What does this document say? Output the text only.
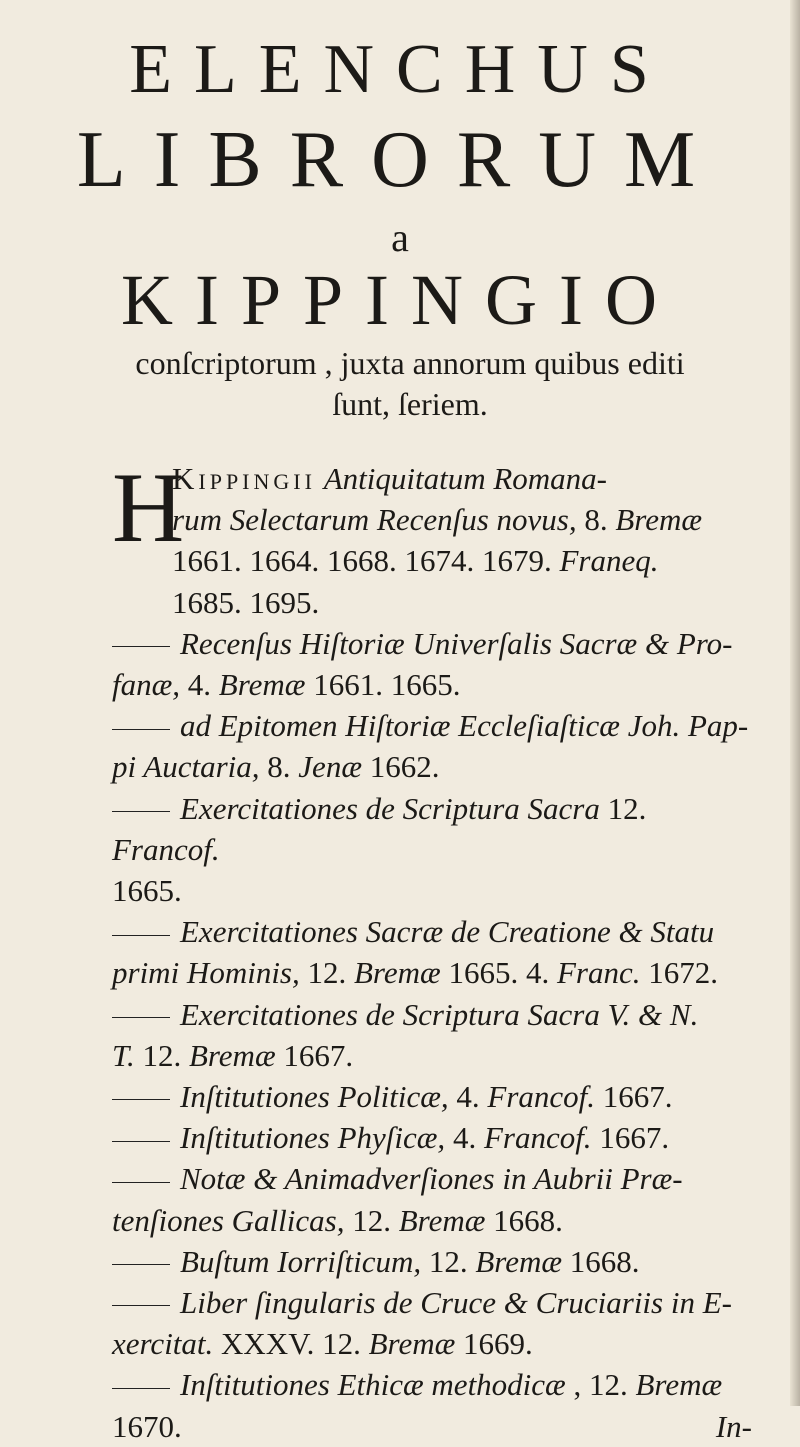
ELENCHUS
LIBRORUM
a
KIPPINGIO
conſcriptorum , juxta annorum quibus editi
ſunt, ſeriem.
H
Kippingii Antiquitatum Romana-
rum Selectarum Recenſus novus, 8. Bremæ
1661. 1664. 1668. 1674. 1679. Franeq.
1685. 1695.
Recenſus Hiſtoriæ Univerſalis Sacræ & Pro-
fanæ, 4. Bremæ 1661. 1665.
ad Epitomen Hiſtoriæ Eccleſiaſticæ Joh. Pap-
pi Auctaria, 8. Jenæ 1662.
Exercitationes de Scriptura Sacra 12. Francof.
1665.
Exercitationes Sacræ de Creatione & Statu
primi Hominis, 12. Bremæ 1665. 4. Franc. 1672.
Exercitationes de Scriptura Sacra V. & N.
T. 12. Bremæ 1667.
Inſtitutiones Politicæ, 4. Francof. 1667.
Inſtitutiones Phyſicæ, 4. Francof. 1667.
Notæ & Animadverſiones in Aubrii Præ-
tenſiones Gallicas, 12. Bremæ 1668.
Buſtum Iorriſticum, 12. Bremæ 1668.
Liber ſingularis de Cruce & Cruciariis in E-
xercitat. XXXV. 12. Bremæ 1669.
Inſtitutiones Ethicæ methodicæ , 12. Bremæ
1670.	In-
